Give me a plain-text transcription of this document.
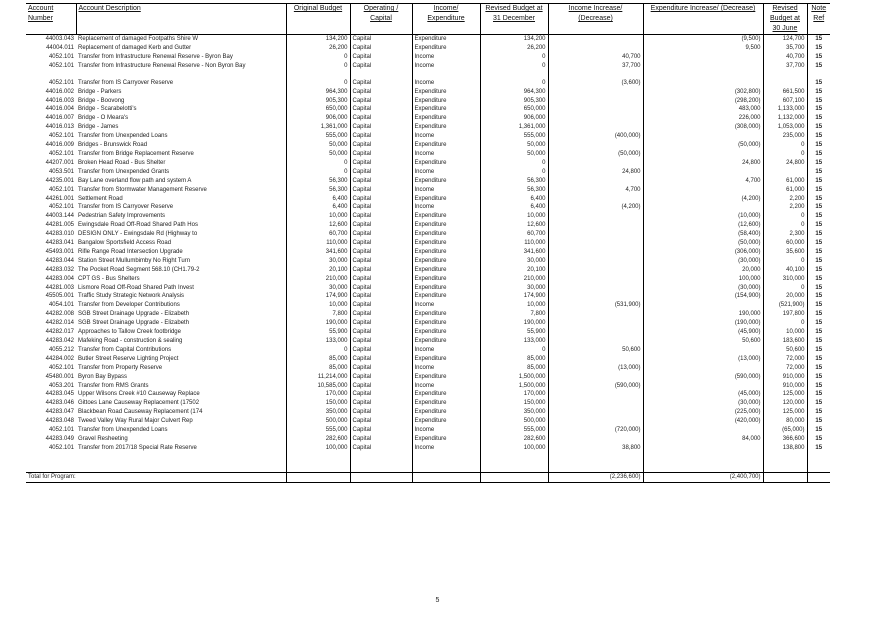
Account Number	Account Description	Original Budget	Operating / Capital	Income/ Expenditure	Revised Budget at 31 December	Income Increase/ (Decrease)	Expenditure Increase/ (Decrease)	Revised Budget at 30 June	Note Ref
44003.043	Replacement of damaged Footpaths Shire W	134,200	Capital	Expenditure	134,200		(9,500)	124,700	15
44004.011	Replacement of damaged Kerb and Gutter	26,200	Capital	Expenditure	26,200		9,500	35,700	15
4052.101	Transfer from Infrastructure Renewal Reserve - Byron Bay	0	Capital	Income	0	40,700		40,700	15
4052.101	Transfer from Infrastructure Renewal Reserve - Non Byron Bay	0	Capital	Income	0	37,700		37,700	15
4052.101	Transfer from IS Carryover Reserve	0	Capital	Income	0	(3,600)			15
44016.002	Bridge - Parkers	964,300	Capital	Expenditure	964,300		(302,800)	661,500	15
44016.003	Bridge - Boovong	905,300	Capital	Expenditure	905,300		(298,200)	607,100	15
44016.004	Bridge - Scarabelotti's	650,000	Capital	Expenditure	650,000		483,000	1,133,000	15
44016.007	Bridge - O Meara's	906,000	Capital	Expenditure	906,000		226,000	1,132,000	15
44016.013	Bridge - James	1,361,000	Capital	Expenditure	1,361,000		(308,000)	1,053,000	15
4052.101	Transfer from Unexpended Loans	555,000	Capital	Income	555,000	(400,000)		235,000	15
44016.009	Bridges - Brunswick Road	50,000	Capital	Expenditure	50,000		(50,000)	0	15
4052.101	Transfer from Bridge Replacement Reserve	50,000	Capital	Income	50,000	(50,000)		0	15
44207.001	Broken Head Road - Bus Shelter	0	Capital	Expenditure	0		24,800	24,800	15
4053.501	Transfer from Unexpended Grants	0	Capital	Income	0	24,800			15
44235.001	Bay Lane overland flow path and system A	56,300	Capital	Expenditure	56,300		4,700	61,000	15
4052.101	Transfer from Stormwater Management Reserve	56,300	Capital	Income	56,300	4,700		61,000	15
44261.001	Settlement Road	6,400	Capital	Expenditure	6,400		(4,200)	2,200	15
4052.101	Transfer from IS Carryover Reserve	6,400	Capital	Income	6,400	(4,200)		2,200	15
44003.144	Pedestrian Safety Improvements	10,000	Capital	Expenditure	10,000		(10,000)	0	15
44281.005	Ewingsdale Road Off-Road Shared Path Hos	12,600	Capital	Expenditure	12,600		(12,600)	0	15
44283.010	DESIGN ONLY - Ewingsdale Rd (Highway to	60,700	Capital	Expenditure	60,700		(58,400)	2,300	15
44283.041	Bangalow Sportsfield Access Road	110,000	Capital	Expenditure	110,000		(50,000)	60,000	15
45493.001	Rifle Range Road Intersection Upgrade	341,600	Capital	Expenditure	341,600		(306,000)	35,600	15
44283.044	Station Street Mullumbimby No Right Turn	30,000	Capital	Expenditure	30,000		(30,000)	0	15
44283.032	The Pocket Road Segment 568.10 (CH1.79-2	20,100	Capital	Expenditure	20,100		20,000	40,100	15
44283.004	CPT GS - Bus Shelters	210,000	Capital	Expenditure	210,000		100,000	310,000	15
44281.003	Lismore Road Off-Road Shared Path Invest	30,000	Capital	Expenditure	30,000		(30,000)	0	15
45505.001	Traffic Study Strategic Network Analysis	174,900	Capital	Expenditure	174,900		(154,900)	20,000	15
4054.101	Transfer from Developer Contributions	10,000	Capital	Income	10,000	(531,900)		(521,900)	15
44282.008	SGB Street Drainage Upgrade - Elizabeth	7,800	Capital	Expenditure	7,800		190,000	197,800	15
44282.014	SGB Street Drainage Upgrade - Elizabeth	190,000	Capital	Expenditure	190,000		(190,000)	0	15
44282.017	Approaches to Tallow Creek footbridge	55,900	Capital	Expenditure	55,900		(45,900)	10,000	15
44283.042	Mafeking Road - construction & sealing	133,000	Capital	Expenditure	133,000		50,600	183,600	15
4055.212	Transfer from Capital Contributions	0	Capital	Income	0	50,600		50,600	15
44284.002	Butler Street Reserve Lighting Project	85,000	Capital	Expenditure	85,000		(13,000)	72,000	15
4052.101	Transfer from Property Reserve	85,000	Capital	Income	85,000	(13,000)		72,000	15
45480.001	Byron Bay Bypass	11,214,000	Capital	Expenditure	1,500,000		(590,000)	910,000	15
4053.201	Transfer from RMS Grants	10,585,000	Capital	Income	1,500,000	(590,000)		910,000	15
44283.045	Upper Wilsons Creek #10 Causeway Replace	170,000	Capital	Expenditure	170,000		(45,000)	125,000	15
44283.046	Gittoes Lane Causeway Replacement (17502	150,000	Capital	Expenditure	150,000		(30,000)	120,000	15
44283.047	Blackbean Road Causeway Replacement (174	350,000	Capital	Expenditure	350,000		(225,000)	125,000	15
44283.048	Tweed Valley Way Rural Major Culvert Rep	500,000	Capital	Expenditure	500,000		(420,000)	80,000	15
4052.101	Transfer from Unexpended Loans	555,000	Capital	Income	555,000	(720,000)		(65,000)	15
44283.049	Gravel Resheeting	282,600	Capital	Expenditure	282,600		84,000	366,600	15
4052.101	Transfer from 2017/18 Special Rate Reserve	100,000	Capital	Income	100,000	38,800		138,800	15

Total for Program:						(2,236,600)	(2,400,700)		
5
